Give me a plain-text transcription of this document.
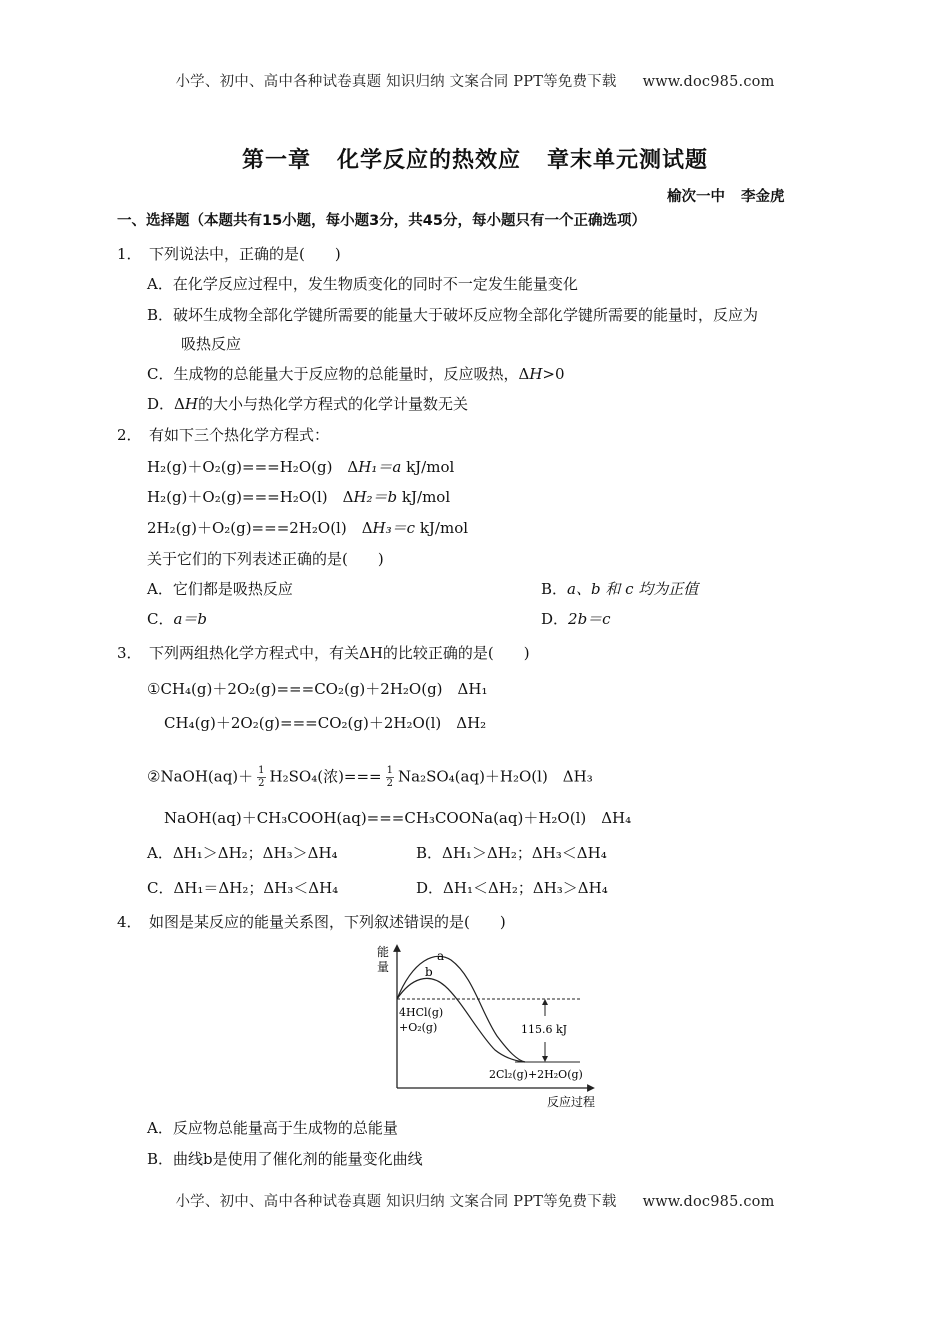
小学、初中、高中各种试卷真题 知识归纳 文案合同 PPT等免费下载 www.doc985.com
第一章 化学反应的热效应 章末单元测试题
榆次一中 李金虎
一、选择题（本题共有15小题，每小题3分，共45分，每小题只有一个正确选项）
1． 下列说法中，正确的是(　　)
A．在化学反应过程中，发生物质变化的同时不一定发生能量变化
B．破坏生成物全部化学键所需要的能量大于破坏反应物全部化学键所需要的能量时，反应为
吸热反应
C．生成物的总能量大于反应物的总能量时，反应吸热，ΔH>0
D．ΔH的大小与热化学方程式的化学计量数无关
2． 有如下三个热化学方程式：
H₂(g)＋O₂(g)===H₂O(g)　ΔH₁＝a kJ/mol
H₂(g)＋O₂(g)===H₂O(l)　ΔH₂＝b kJ/mol
2H₂(g)＋O₂(g)===2H₂O(l)　ΔH₃＝c kJ/mol
关于它们的下列表述正确的是(　　)
A．它们都是吸热反应	B．a、b 和 c 均为正值
C．a＝b	D．2b＝c
3． 下列两组热化学方程式中，有关ΔH的比较正确的是(　　)
①CH₄(g)＋2O₂(g)===CO₂(g)＋2H₂O(g)　ΔH₁
CH₄(g)＋2O₂(g)===CO₂(g)＋2H₂O(l)　ΔH₂
②NaOH(aq)＋ $\frac{1}{2} H_2SO_4$(浓)=== $\frac{1}{2} Na_2SO_4(aq)+H_2O(l)$　ΔH₃
NaOH(aq)＋CH₃COOH(aq)===CH₃COONa(aq)＋H₂O(l)　ΔH₄
A．ΔH₁＞ΔH₂；ΔH₃＞ΔH₄	B．ΔH₁＞ΔH₂；ΔH₃＜ΔH₄
C．ΔH₁＝ΔH₂；ΔH₃＜ΔH₄	D．ΔH₁＜ΔH₂；ΔH₃＞ΔH₄
4． 如图是某反应的能量关系图，下列叙述错误的是(　　)
能
量
反应过程
a
b
4HCl(g)
+O₂(g)	115.6 kJ
2Cl₂(g)+2H₂O(g)
A．反应物总能量高于生成物的总能量
B．曲线b是使用了催化剂的能量变化曲线
小学、初中、高中各种试卷真题 知识归纳 文案合同 PPT等免费下载 www.doc985.com
